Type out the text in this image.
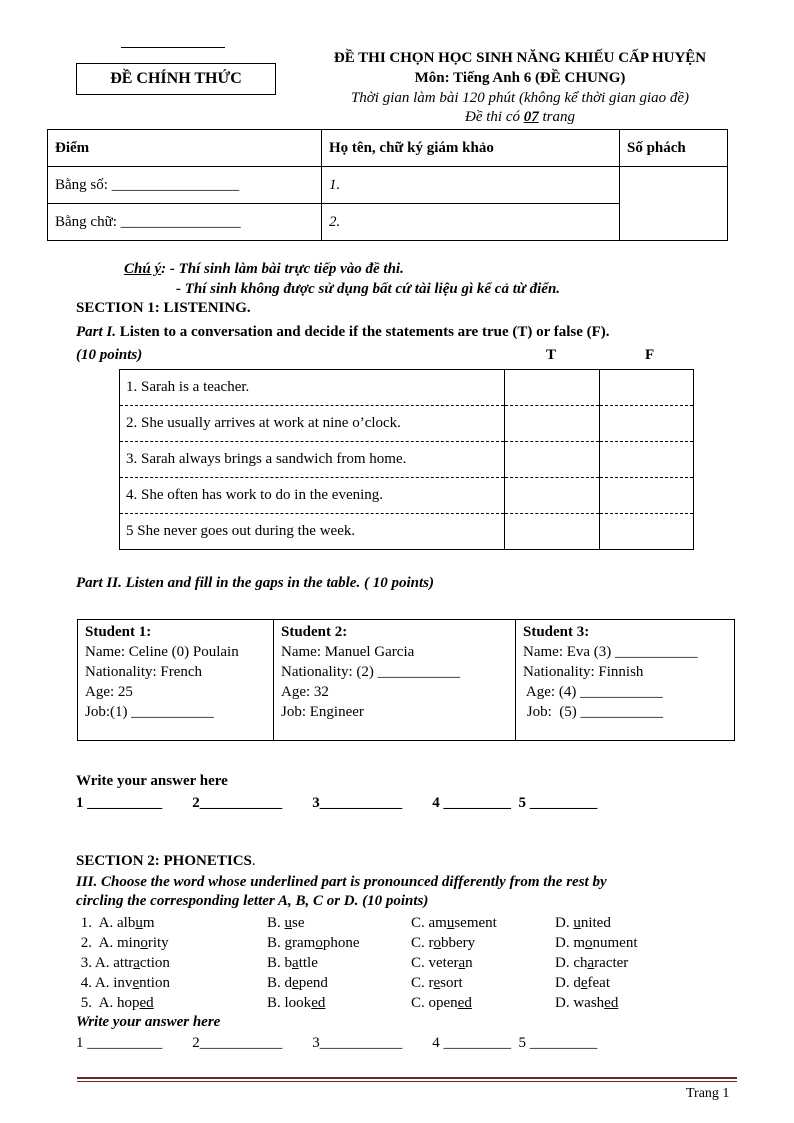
ĐỀ CHÍNH THỨC
ĐỀ THI CHỌN HỌC SINH NĂNG KHIẾU CẤP HUYỆN
Môn: Tiếng Anh 6 (ĐỀ CHUNG)
Thời gian làm bài 120 phút (không kể thời gian giao đề)
Đề thi có 07 trang
Điểm	Họ tên, chữ ký giám khảo	Số phách
Bằng số: _________________	1.	
Bằng chữ: ________________	2.	
Chú ý: - Thí sinh làm bài trực tiếp vào đề thi.
- Thí sinh không được sử dụng bất cứ tài liệu gì kể cả từ điển.
SECTION 1: LISTENING.
Part I. Listen to a conversation and decide if the statements are true (T) or false (F).
(10 points)	T	F
1. Sarah is a teacher.		
2. She usually arrives at work at nine o’clock.		
3. Sarah always brings a sandwich from home.		
4. She often has work to do in the evening.		
5 She never goes out during the week.		
Part II. Listen and fill in the gaps in the table. ( 10 points)
Student 1:
Name: Celine (0) Poulain
Nationality: French
Age: 25
Job:(1) ___________

Student 2:
Name: Manuel Garcia
Nationality: (2) ___________
Age: 32
Job: Engineer

Student 3:
Name: Eva (3) ___________
Nationality: Finnish
Age: (4) ___________
Job:  (5) ___________
Write your answer here
1 __________        2___________        3___________        4 _________  5 _________
SECTION 2: PHONETICS.
III. Choose the word whose underlined part is pronounced differently from the rest by
circling the corresponding letter A, B, C or D. (10 points)
1.  A. album	B. use	C. amusement	D. united
2.  A. minority	B. gramophone	C. robbery	D. monument
3. A. attraction	B. battle	C. veteran	D. character
4. A. invention	B. depend	C. resort	D. defeat
5.  A. hoped	B. looked	C. opened	D. washed
Write your answer here
1 __________        2___________        3___________        4 _________  5 _________
Trang 1
